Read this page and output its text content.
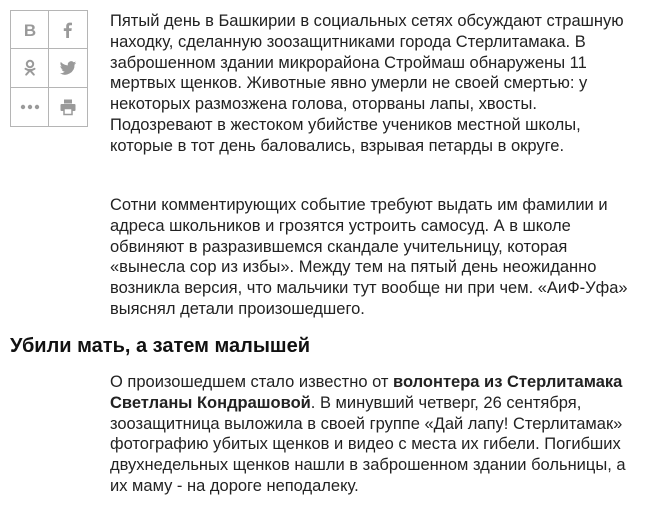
B	Пятый день в Башкирии в социальных сетях обсуждают страшную находку, сделанную зоозащитниками города Стерлитамака. В заброшенном здании микрорайона Строймаш обнаружены 11 мертвых щенков. Животные явно умерли не своей смертью: у некоторых размозжена голова, оторваны лапы, хвосты. Подозревают в жестоком убийстве учеников местной школы, которые в тот день баловались, взрывая петарды в округе.

Сотни комментирующих событие требуют выдать им фамилии и адреса школьников и грозятся устроить самосуд. А в школе обвиняют в разразившемся скандале учительницу, которая «вынесла сор из избы». Между тем на пятый день неожиданно возникла версия, что мальчики тут вообще ни при чем. «АиФ-Уфа» выяснял детали произошедшего.

Убили мать, а затем малышей

О произошедшем стало известно от волонтера из Стерлитамака Светланы Кондрашовой. В минувший четверг, 26 сентября, зоозащитница выложила в своей группе «Дай лапу! Стерлитамак» фотографию убитых щенков и видео с места их гибели. Погибших двухнедельных щенков нашли в заброшенном здании больницы, а их маму - на дороге неподалеку.
